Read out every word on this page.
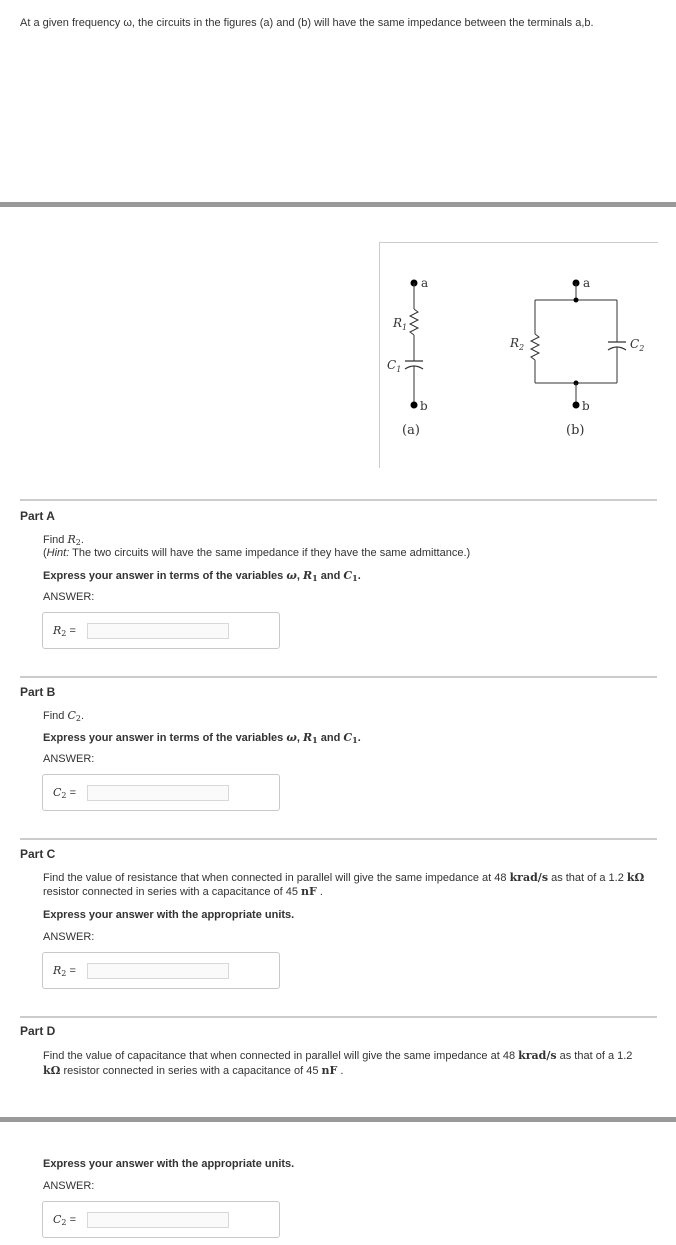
At a given frequency ω, the circuits in the figures (a) and (b) will have the same impedance between the terminals a,b.
a
$R_1$
$C_1$
b
(a)
a
$R_2$	$C_2$
b
(b)
Part A
Find $R_2$.
(Hint: The two circuits will have the same impedance if they have the same admittance.)
Express your answer in terms of the variables ω, $R_1$ and $C_1$.
ANSWER:
$R_2$ =
Part B
Find $C_2$.
Express your answer in terms of the variables ω, $R_1$ and $C_1$.
ANSWER:
$C_2$ =
Part C
Find the value of resistance that when connected in parallel will give the same impedance at 48 krad/s as that of a 1.2 kΩ
resistor connected in series with a capacitance of 45 nF .
Express your answer with the appropriate units.
ANSWER:
$R_2$ =
Part D
Find the value of capacitance that when connected in parallel will give the same impedance at 48 krad/s as that of a 1.2
kΩ resistor connected in series with a capacitance of 45 nF .
Express your answer with the appropriate units.
ANSWER:
$C_2$ =
